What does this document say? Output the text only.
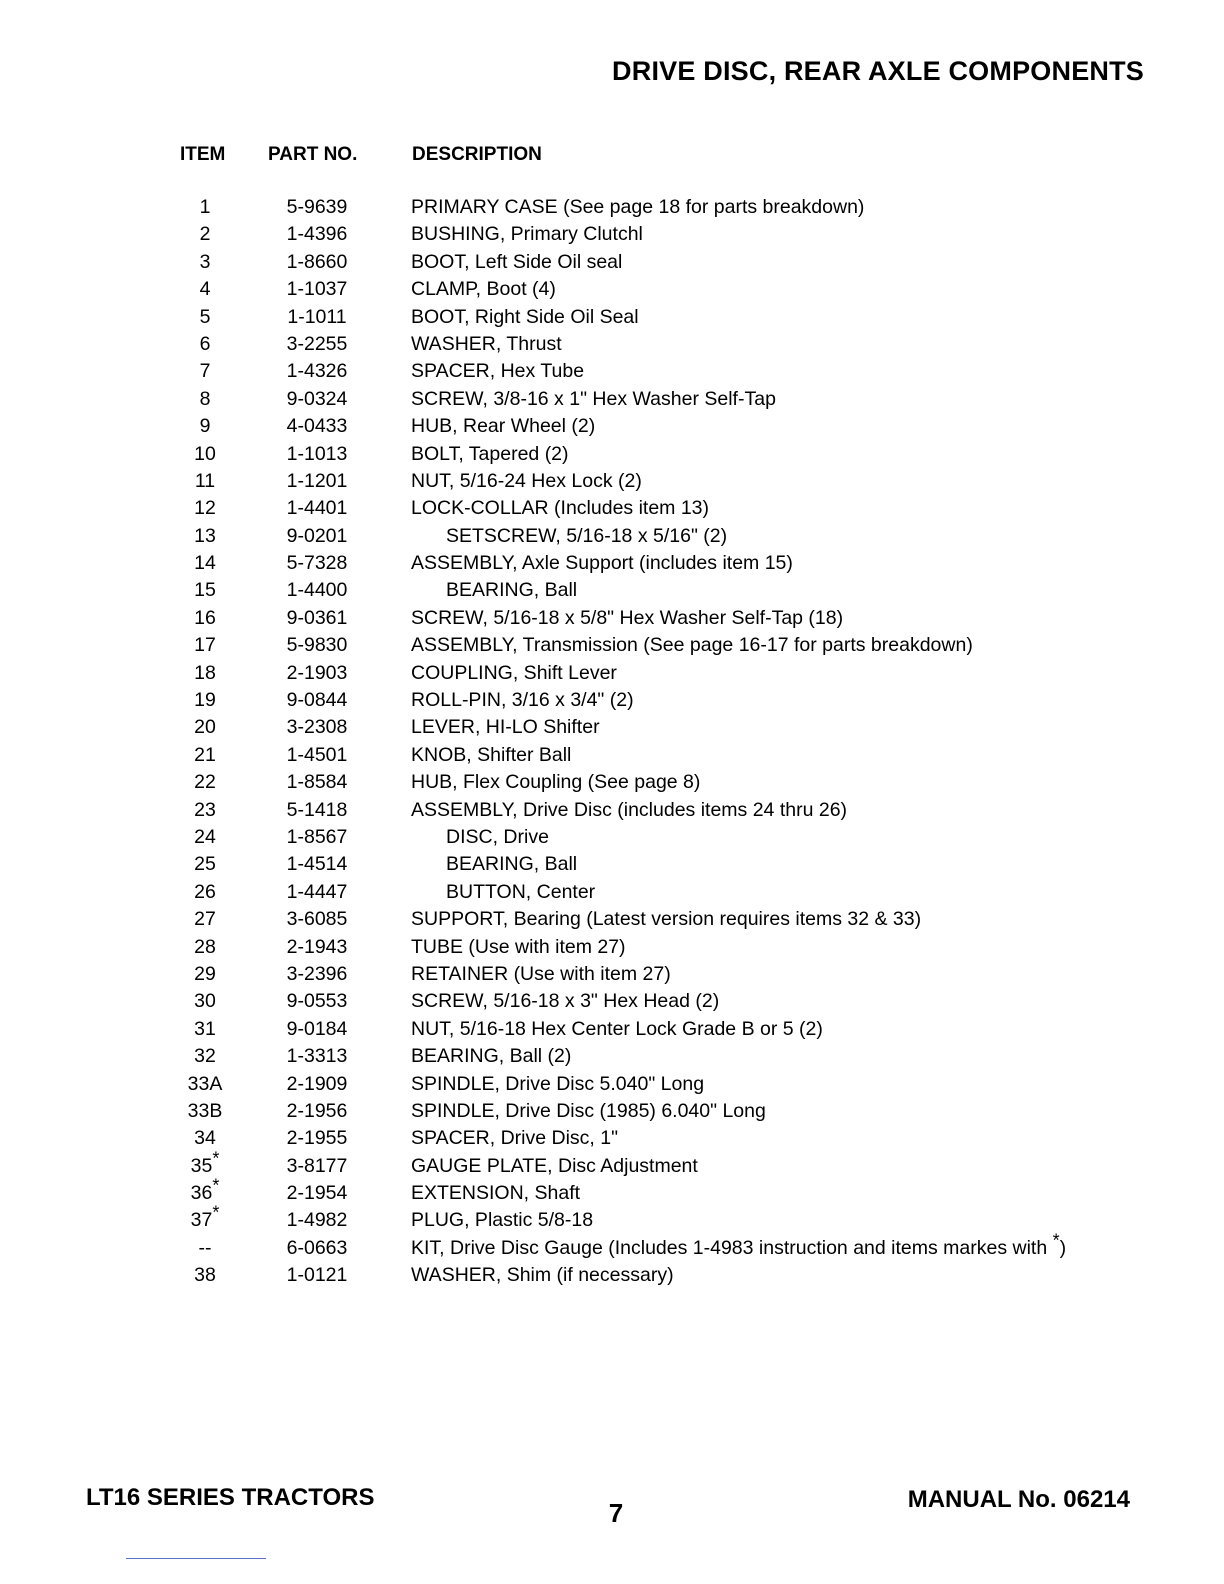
DRIVE DISC, REAR AXLE COMPONENTS
ITEM PART NO.	DESCRIPTION
1	5-9639	PRIMARY CASE (See page 18 for parts breakdown)
2	1-4396	BUSHING, Primary Clutchl
3	1-8660	BOOT, Left Side Oil seal
4	1-1037	CLAMP, Boot (4)
5	1-1011	BOOT, Right Side Oil Seal
6	3-2255	WASHER, Thrust
7	1-4326	SPACER, Hex Tube
8	9-0324	SCREW, 3/8-16 x 1" Hex Washer Self-Tap
9	4-0433	HUB, Rear Wheel (2)
10	1-1013	BOLT, Tapered (2)
11	1-1201	NUT, 5/16-24 Hex Lock (2)
12	1-4401	LOCK-COLLAR (Includes item 13)
13	9-0201	SETSCREW, 5/16-18 x 5/16" (2)
14	5-7328	ASSEMBLY, Axle Support (includes item 15)
15	1-4400	BEARING, Ball
16	9-0361	SCREW, 5/16-18 x 5/8" Hex Washer Self-Tap (18)
17	5-9830	ASSEMBLY, Transmission (See page 16-17 for parts breakdown)
18	2-1903	COUPLING, Shift Lever
19	9-0844	ROLL-PIN, 3/16 x 3/4" (2)
20	3-2308	LEVER, HI-LO Shifter
21	1-4501	KNOB, Shifter Ball
22	1-8584	HUB, Flex Coupling (See page 8)
23	5-1418	ASSEMBLY, Drive Disc (includes items 24 thru 26)
24	1-8567	DISC, Drive
25	1-4514	BEARING, Ball
26	1-4447	BUTTON, Center
27	3-6085	SUPPORT, Bearing (Latest version requires items 32 & 33)
28	2-1943	TUBE (Use with item 27)
29	3-2396	RETAINER (Use with item 27)
30	9-0553	SCREW, 5/16-18 x 3" Hex Head (2)
31	9-0184	NUT, 5/16-18 Hex Center Lock Grade B or 5 (2)
32	1-3313	BEARING, Ball (2)
33A	2-1909	SPINDLE, Drive Disc 5.040" Long
33B	2-1956	SPINDLE, Drive Disc (1985) 6.040" Long
34	2-1955	SPACER, Drive Disc, 1"
35*	3-8177	GAUGE PLATE, Disc Adjustment
36*	2-1954	EXTENSION, Shaft
37*	1-4982	PLUG, Plastic 5/8-18
--	6-0663	KIT, Drive Disc Gauge (Includes 1-4983 instruction and items markes with *)
38	1-0121	WASHER, Shim (if necessary)
LT16 SERIES TRACTORS
7	MANUAL No. 06214
